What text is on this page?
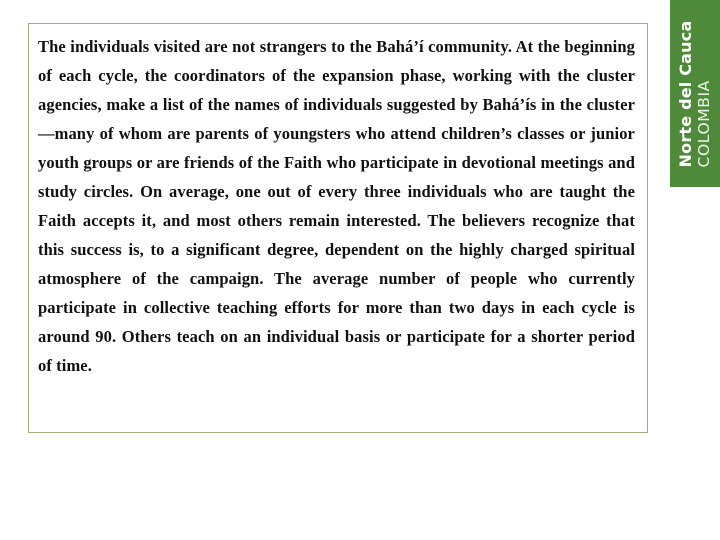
The individuals visited are not strangers to the Bahá’í community. At the beginning of each cycle, the coordinators of the expansion phase, working with the cluster agencies, make a list of the names of individuals suggested by Bahá’ís in the cluster—many of whom are parents of youngsters who attend children’s classes or junior youth groups or are friends of the Faith who participate in devotional meetings and study circles. On average, one out of every three individuals who are taught the Faith accepts it, and most others remain interested. The believers recognize that this success is, to a significant degree, dependent on the highly charged spiritual atmosphere of the campaign. The average number of people who currently participate in collective teaching efforts for more than two days in each cycle is around 90. Others teach on an individual basis or participate for a shorter period of time.

Norte del Cauca COLOMBIA
